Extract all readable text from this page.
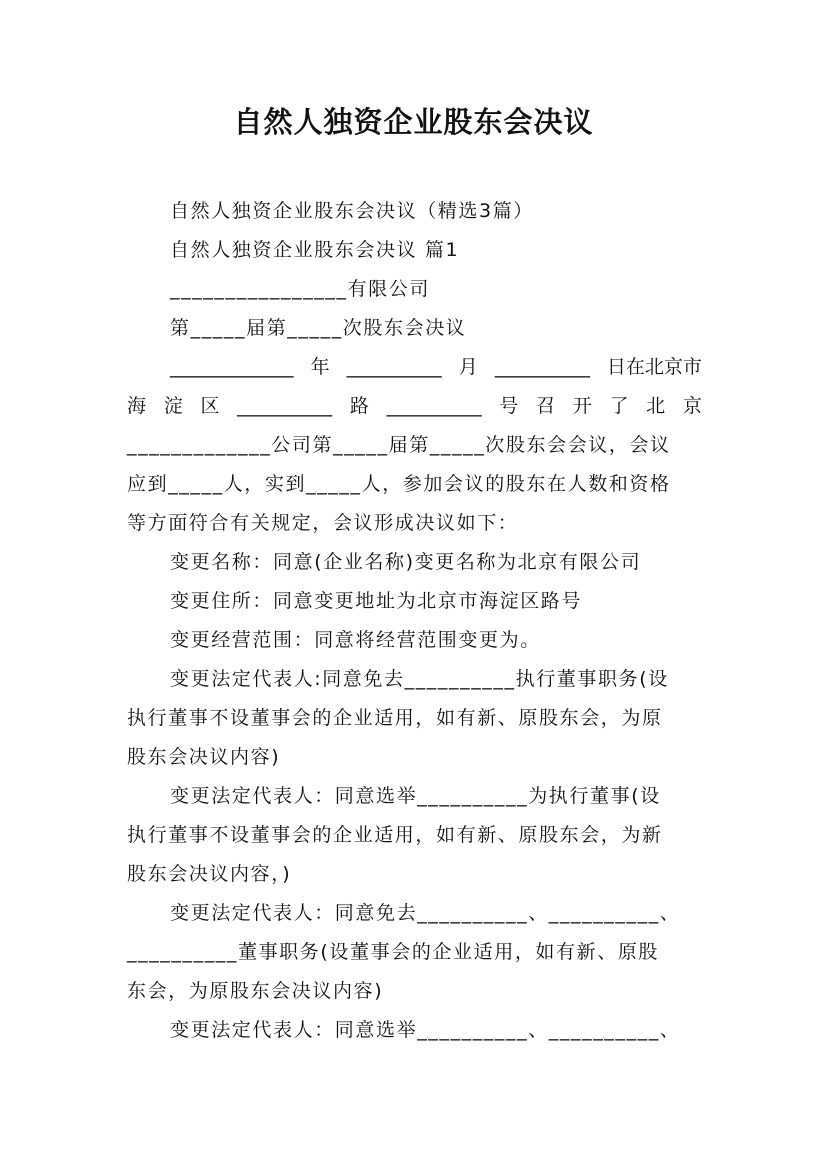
自然人独资企业股东会决议
自然人独资企业股东会决议（精选3篇）
自然人独资企业股东会决议 篇1
________________有限公司
第_____届第_____次股东会决议
_____________ 年 __________ 月 __________ 日在北京市
海 淀 区 __________ 路 __________ 号 召 开 了 北 京
_____________公司第_____届第_____次股东会会议，会议
应到_____人，实到_____人，参加会议的股东在人数和资格
等方面符合有关规定，会议形成决议如下：
变更名称：同意(企业名称)变更名称为北京有限公司
变更住所：同意变更地址为北京市海淀区路号
变更经营范围：同意将经营范围变更为。
变更法定代表人:同意免去__________执行董事职务(设
执行董事不设董事会的企业适用，如有新、原股东会，为原
股东会决议内容)
变更法定代表人：同意选举__________为执行董事(设
执行董事不设董事会的企业适用，如有新、原股东会，为新
股东会决议内容，)
变更法定代表人：同意免去__________、__________、
__________董事职务(设董事会的企业适用，如有新、原股
东会，为原股东会决议内容)
变更法定代表人：同意选举__________、__________、
